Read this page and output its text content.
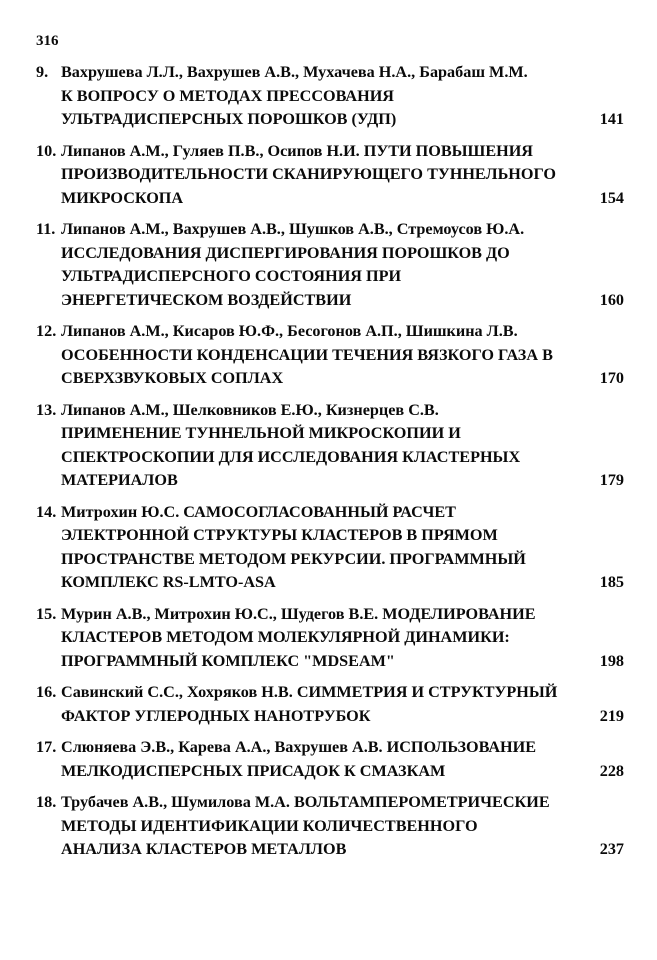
316
9. Вахрушева Л.Л., Вахрушев А.В., Мухачева Н.А., Барабаш М.М.
К ВОПРОСУ О МЕТОДАХ ПРЕССОВАНИЯ
УЛЬТРАДИСПЕРСНЫХ ПОРОШКОВ (УДП)	141
10. Липанов А.М., Гуляев П.В., Осипов Н.И. ПУТИ ПОВЫШЕНИЯ
ПРОИЗВОДИТЕЛЬНОСТИ СКАНИРУЮЩЕГО ТУННЕЛЬНОГО
МИКРОСКОПА	154
11. Липанов А.М., Вахрушев А.В., Шушков А.В., Стремоусов Ю.А.
ИССЛЕДОВАНИЯ ДИСПЕРГИРОВАНИЯ ПОРОШКОВ ДО
УЛЬТРАДИСПЕРСНОГО СОСТОЯНИЯ ПРИ
ЭНЕРГЕТИЧЕСКОМ ВОЗДЕЙСТВИИ	160
12. Липанов А.М., Кисаров Ю.Ф., Бесогонов А.П., Шишкина Л.В.
ОСОБЕННОСТИ КОНДЕНСАЦИИ ТЕЧЕНИЯ ВЯЗКОГО ГАЗА В
СВЕРХЗВУКОВЫХ СОПЛАХ	170
13. Липанов А.М., Шелковников Е.Ю., Кизнерцев С.В.
ПРИМЕНЕНИЕ ТУННЕЛЬНОЙ МИКРОСКОПИИ И
СПЕКТРОСКОПИИ ДЛЯ ИССЛЕДОВАНИЯ КЛАСТЕРНЫХ
МАТЕРИАЛОВ	179
14. Митрохин Ю.С. САМОСОГЛАСОВАННЫЙ РАСЧЕТ
ЭЛЕКТРОННОЙ СТРУКТУРЫ КЛАСТЕРОВ В ПРЯМОМ
ПРОСТРАНСТВЕ МЕТОДОМ РЕКУРСИИ. ПРОГРАММНЫЙ
КОМПЛЕКС RS-LMTO-ASA	185
15. Мурин А.В., Митрохин Ю.С., Шудегов В.Е. МОДЕЛИРОВАНИЕ
КЛАСТЕРОВ МЕТОДОМ МОЛЕКУЛЯРНОЙ ДИНАМИКИ:
ПРОГРАММНЫЙ КОМПЛЕКС "MDSEAM"	198
16. Савинский С.С., Хохряков Н.В. СИММЕТРИЯ И СТРУКТУРНЫЙ
ФАКТОР УГЛЕРОДНЫХ НАНОТРУБОК	219
17. Слюняева Э.В., Карева А.А., Вахрушев А.В. ИСПОЛЬЗОВАНИЕ
МЕЛКОДИСПЕРСНЫХ ПРИСАДОК К СМАЗКАМ	228
18. Трубачев А.В., Шумилова М.А. ВОЛЬТАМПЕРОМЕТРИЧЕСКИЕ
МЕТОДЫ ИДЕНТИФИКАЦИИ КОЛИЧЕСТВЕННОГО
АНАЛИЗА КЛАСТЕРОВ МЕТАЛЛОВ	237
